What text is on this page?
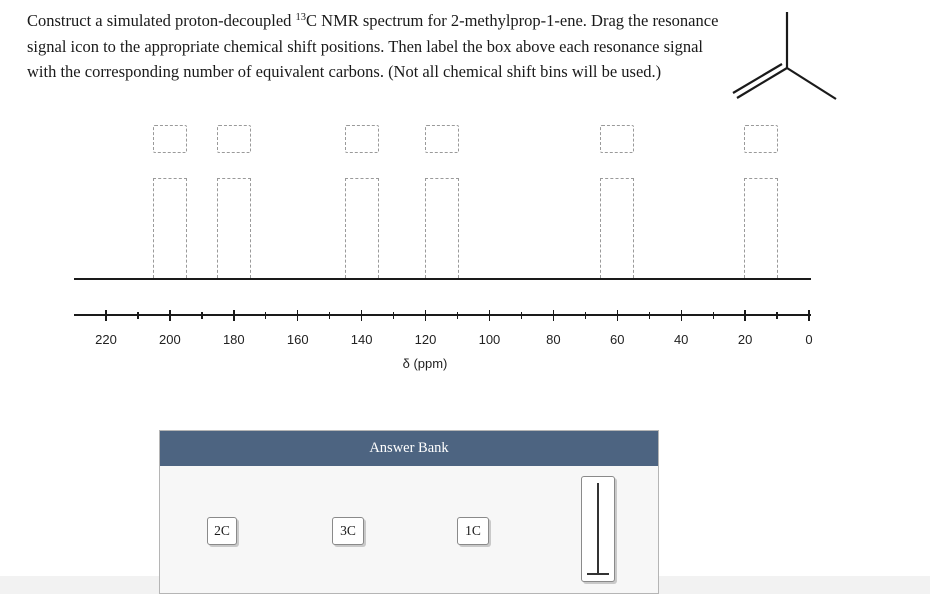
Construct a simulated proton-decoupled $^{13}$C NMR spectrum for 2-methylprop-1-ene. Drag the resonance signal icon to the appropriate chemical shift positions. Then label the box above each resonance signal with the corresponding number of equivalent carbons. (Not all chemical shift bins will be used.)
220	200	180	160	140	120	100	80	60	40	20	0
δ (ppm)
Answer Bank
2C	3C	1C
